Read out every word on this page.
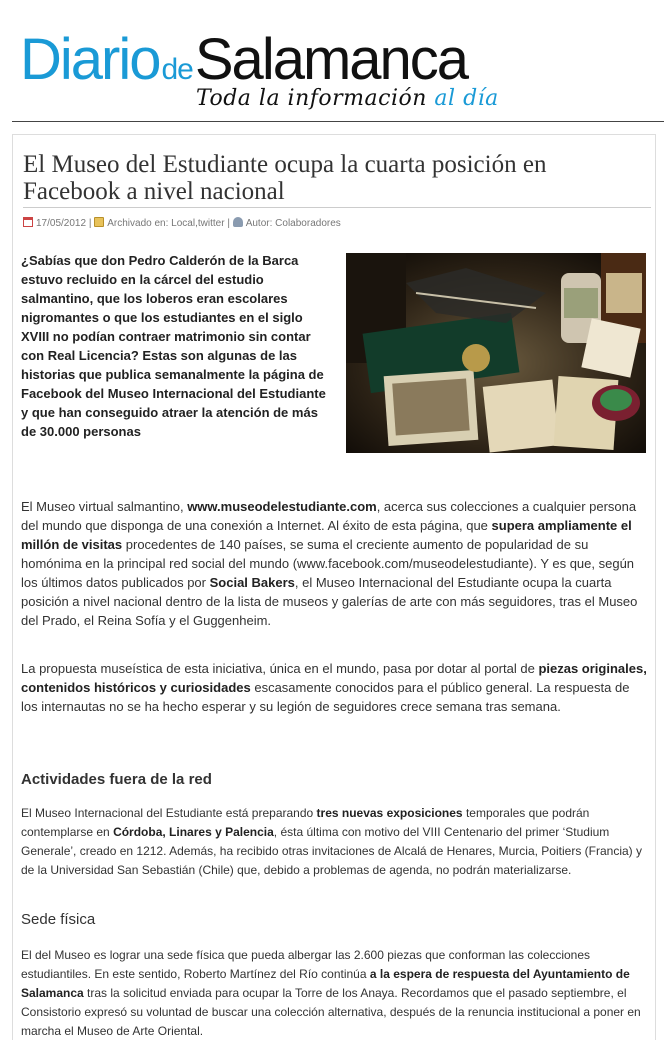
DiariodeSalamanca
Toda la información al día
El Museo del Estudiante ocupa la cuarta posición en Facebook a nivel nacional
17/05/2012 | Archivado en: Local,twitter | Autor: Colaboradores

¿Sabías que don Pedro Calderón de la Barca estuvo recluido en la cárcel del estudio salmantino, que los loberos eran escolares nigromantes o que los estudiantes en el siglo XVIII no podían contraer matrimonio sin contar con Real Licencia? Estas son algunas de las historias que publica semanalmente la página de Facebook del Museo Internacional del Estudiante y que han conseguido atraer la atención de más de 30.000 personas

El Museo virtual salmantino, www.museodelestudiante.com, acerca sus colecciones a cualquier persona del mundo que disponga de una conexión a Internet. Al éxito de esta página, que supera ampliamente el millón de visitas procedentes de 140 países, se suma el creciente aumento de popularidad de su homónima en la principal red social del mundo (www.facebook.com/museodelestudiante). Y es que, según los últimos datos publicados por Social Bakers, el Museo Internacional del Estudiante ocupa la cuarta posición a nivel nacional dentro de la lista de museos y galerías de arte con más seguidores, tras el Museo del Prado, el Reina Sofía y el Guggenheim.

La propuesta museística de esta iniciativa, única en el mundo, pasa por dotar al portal de piezas originales, contenidos históricos y curiosidades escasamente conocidos para el público general. La respuesta de los internautas no se ha hecho esperar y su legión de seguidores crece semana tras semana.

Actividades fuera de la red

El Museo Internacional del Estudiante está preparando tres nuevas exposiciones temporales que podrán contemplarse en Córdoba, Linares y Palencia, ésta última con motivo del VIII Centenario del primer ‘Studium Generale’, creado en 1212. Además, ha recibido otras invitaciones de Alcalá de Henares, Murcia, Poitiers (Francia) y de la Universidad San Sebastián (Chile) que, debido a problemas de agenda, no podrán materializarse.

Sede física

El del Museo es lograr una sede física que pueda albergar las 2.600 piezas que conforman las colecciones estudiantiles. En este sentido, Roberto Martínez del Río continúa a la espera de respuesta del Ayuntamiento de Salamanca tras la solicitud enviada para ocupar la Torre de los Anaya. Recordamos que el pasado septiembre, el Consistorio expresó su voluntad de buscar una colección alternativa, después de la renuncia institucional a poner en marcha el Museo de Arte Oriental.
